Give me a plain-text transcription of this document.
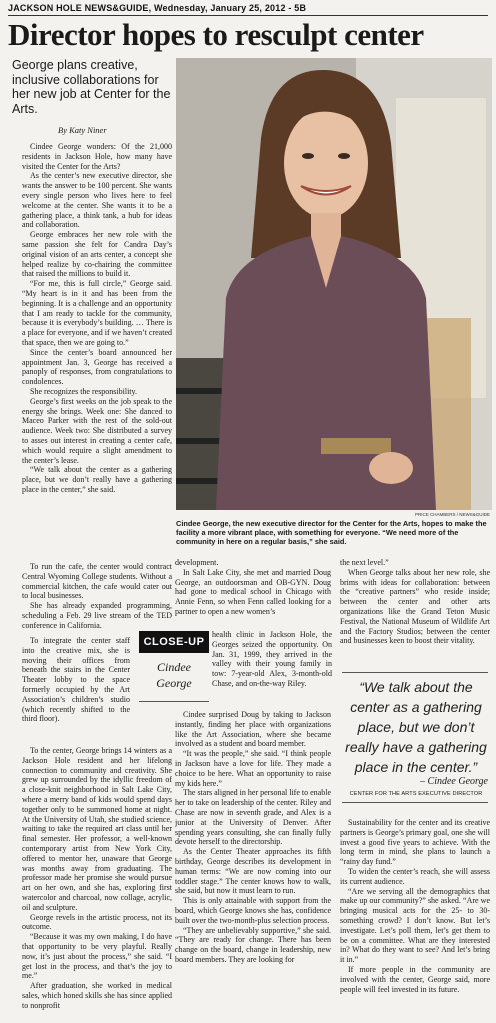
JACKSON HOLE NEWS&GUIDE, Wednesday, January 25, 2012 - 5B
Director hopes to resculpt center
George plans creative, inclusive collaborations for her new job at Center for the Arts.
By Katy Niner

Cindee George wonders: Of the 21,000 residents in Jackson Hole, how many have visited the Center for the Arts?

As the center’s new executive director, she wants the answer to be 100 percent. She wants every single person who lives here to feel welcome at the center. She wants it to be a gathering place, a think tank, a hub for ideas and collaboration.

George embraces her new role with the same passion she felt for Candra Day’s original vision of an arts center, a concept she helped realize by co-chairing the committee that raised the millions to build it.

“For me, this is full circle,” George said. “My heart is in it and has been from the beginning. It is a challenge and an opportunity that I am ready to tackle for the community, because it is everybody’s building. … There is a place for everyone, and if we haven’t created that space, then we are going to.”

Since the center’s board announced her appointment Jan. 3, George has received a panoply of responses, from congratulations to condolences.

She recognizes the responsibility.

George’s first weeks on the job speak to the energy she brings. Week one: She danced to Maceo Parker with the rest of the sold-out audience. Week two: She distributed a survey to asses out interest in creating a center cafe, which would require a slight amendment to the center’s lease.

“We talk about the center as a gathering place, but we don’t really have a gathering place in the center,” she said.

To run the cafe, the center would contract Central Wyoming College students. Without a commercial kitchen, the cafe would cater out to local businesses.

She has already expanded programming, scheduling a Feb. 29 live stream of the TED conference in California.

To integrate the center staff into the creative mix, she is moving their offices from beneath the stairs in the Center Theater lobby to the space formerly occupied by the Art Association’s children’s studio (which recently shifted to the third floor).

To the center, George brings 14 winters as a Jackson Hole resident and her lifelong connection to community and creativity. She grew up surrounded by the idyllic freedom of a close-knit neighborhood in Salt Lake City, where a merry band of kids would spend days together only to be summoned home at night. At the University of Utah, she studied science, waiting to take the required art class until her final semester. Her professor, a well-known contemporary artist from New York City, offered to mentor her, unaware that George was months away from graduating. The professor made her promise she would pursue art on her own, and she has, exploring first watercolor and charcoal, now collage, acrylic, oil and sculpture.

George revels in the artistic process, not its outcome.

“Because it was my own making, I do have that opportunity to be very playful. Really now, it’s just about the process,” she said. “I get lost in the process, and that’s the joy to me.”

After graduation, she worked in medical sales, which honed skills she has since applied to nonprofit

PRICE CHAMBERS / NEWS&GUIDE
Cindee George, the new executive director for the Center for the Arts, hopes to make the facility a more vibrant place, with something for everyone. “We need more of the community in here on a regular basis,” she said.
CLOSE-UP
Cindee George

development.

In Salt Lake City, she met and married Doug George, an outdoorsman and OB-GYN. Doug had gone to medical school in Chicago with Annie Fenn, so when Fenn called looking for a partner to open a new women’s

health clinic in Jackson Hole, the Georges seized the opportunity. On Jan. 31, 1999, they arrived in the valley with their young family in tow: 7-year-old Alex, 3-month-old Chase, and on-the-way Riley.

Cindee surprised Doug by taking to Jackson instantly, finding her place with organizations like the Art Association, where she became involved as a student and board member.

“It was the people,” she said. “I think people in Jackson have a love for life. They made a choice to be here. What an opportunity to raise my kids here.”

The stars aligned in her personal life to enable her to take on leadership of the center. Riley and Chase are now in seventh grade, and Alex is a junior at the University of Denver. After spending years consulting, she can finally fully devote herself to the directorship.

As the Center Theater approaches its fifth birthday, George describes its development in human terms: “We are now coming into our toddler stage.” The center knows how to walk, she said, but now it must learn to run.

This is only attainable with support from the board, which George knows she has, confidence built over the two-month-plus selection process.

“They are unbelievably supportive,” she said. “They are ready for change. There has been change on the board, change in leadership, new board members. They are looking for

the next level.”

When George talks about her new role, she brims with ideas for collaboration: between the “creative partners” who reside inside; between the center and other arts organizations like the Grand Teton Music Festival, the National Museum of Wildlife Art and the Factory Studios; between the center and businesses keen to boost their vitality.

“We talk about the center as a gathering place, but we don’t really have a gathering place in the center.”
– Cindee George
CENTER FOR THE ARTS EXECUTIVE DIRECTOR

Sustainability for the center and its creative partners is George’s primary goal, one she will invest a good five years to achieve. With the long term in mind, she plans to launch a “rainy day fund.”

To widen the center’s reach, she will assess its current audience.

“Are we serving all the demographics that make up our community?” she asked. “Are we bringing musical acts for the 25- to 30-something crowd? I don’t know. But let’s investigate. Let’s poll them, let’s get them to be on a committee. What are they interested in? What do they want to see? And let’s bring it in.”

If more people in the community are involved with the center, George said, more people will feel invested in its future.
